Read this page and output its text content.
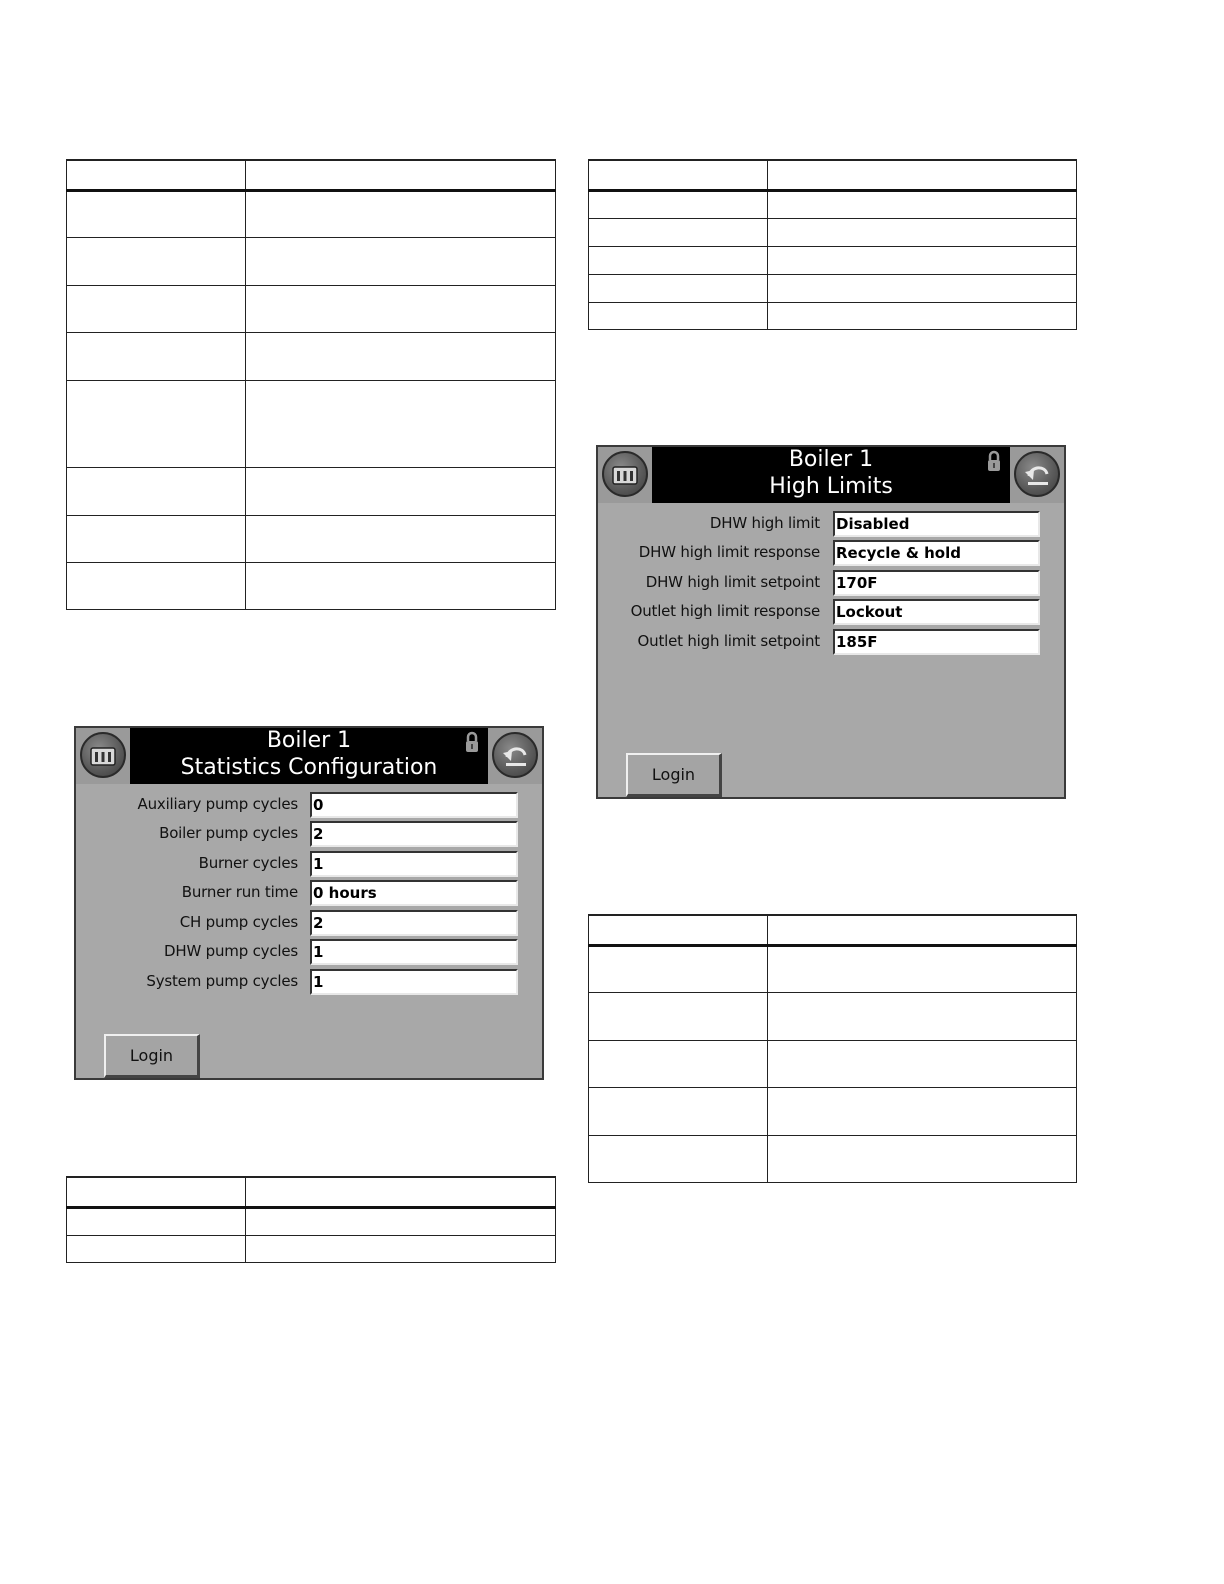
Boiler 1
Statistics Configuration
Auxiliary pump cycles 0
Boiler pump cycles 2
Burner cycles 1
Burner run time 0 hours
CH pump cycles 2
DHW pump cycles 1
System pump cycles 1
Login
Boiler 1
High Limits
DHW high limit Disabled
DHW high limit response Recycle & hold
DHW high limit setpoint 170F
Outlet high limit response Lockout
Outlet high limit setpoint 185F
Login
